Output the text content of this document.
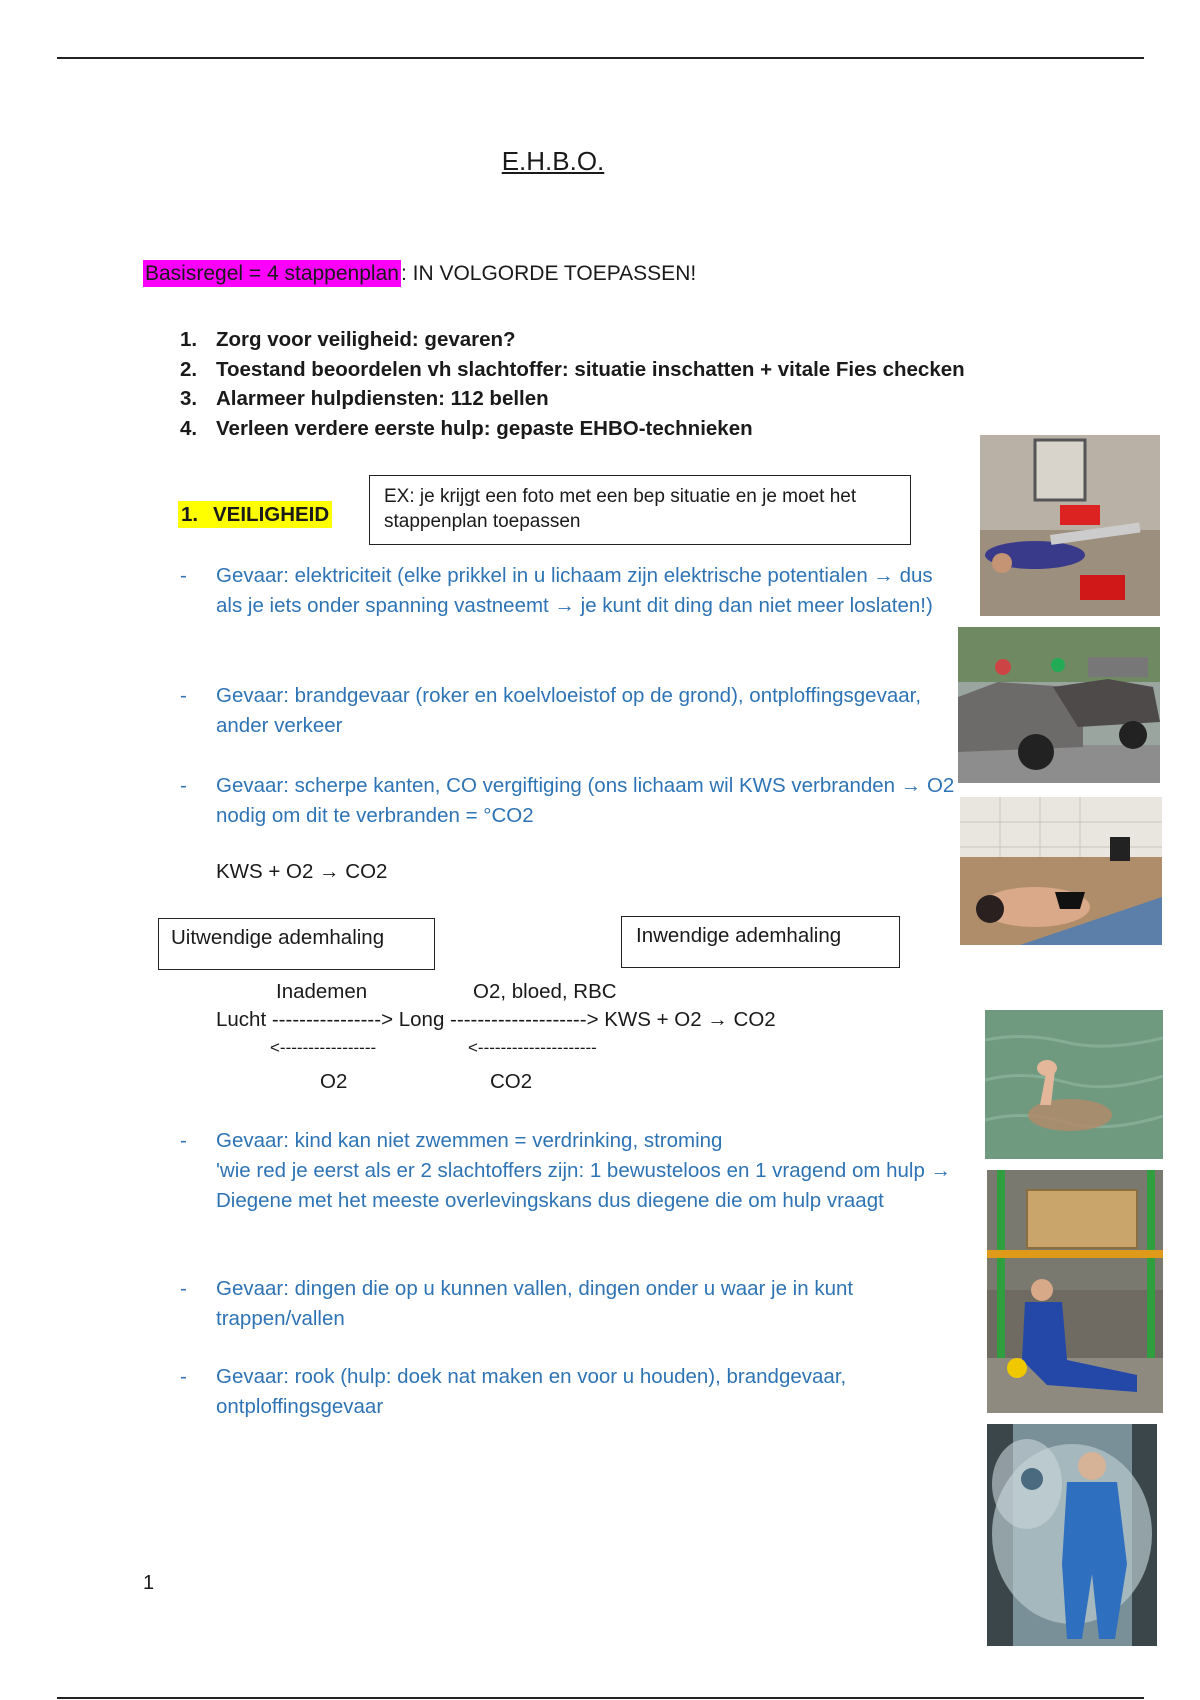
E.H.B.O.
Basisregel = 4 stappenplan: IN VOLGORDE TOEPASSEN!
1. Zorg voor veiligheid: gevaren?
2. Toestand beoordelen vh slachtoffer: situatie inschatten + vitale Fies checken
3. Alarmeer hulpdiensten: 112 bellen
4. Verleen verdere eerste hulp: gepaste EHBO-technieken
1. VEILIGHEID
EX: je krijgt een foto met een bep situatie en je moet het stappenplan toepassen
- Gevaar: elektriciteit (elke prikkel in u lichaam zijn elektrische potentialen → dus als je iets onder spanning vastneemt → je kunt dit ding dan niet meer loslaten!)
- Gevaar: brandgevaar (roker en koelvloeistof op de grond), ontploffingsgevaar, ander verkeer
- Gevaar: scherpe kanten, CO vergiftiging (ons lichaam wil KWS verbranden → O2 nodig om dit te verbranden = °CO2
KWS + O2 → CO2
Uitwendige ademhaling	Inwendige ademhaling
Inademen	O2, bloed, RBC
Lucht ----------------> Long --------------------> KWS + O2 → CO2
<-----------------	<---------------------
O2	CO2
- Gevaar: kind kan niet zwemmen = verdrinking, stroming
'wie red je eerst als er 2 slachtoffers zijn: 1 bewusteloos en 1 vragend om hulp → Diegene met het meeste overlevingskans dus diegene die om hulp vraagt
- Gevaar: dingen die op u kunnen vallen, dingen onder u waar je in kunt trappen/vallen
- Gevaar: rook (hulp: doek nat maken en voor u houden), brandgevaar, ontploffingsgevaar
1
